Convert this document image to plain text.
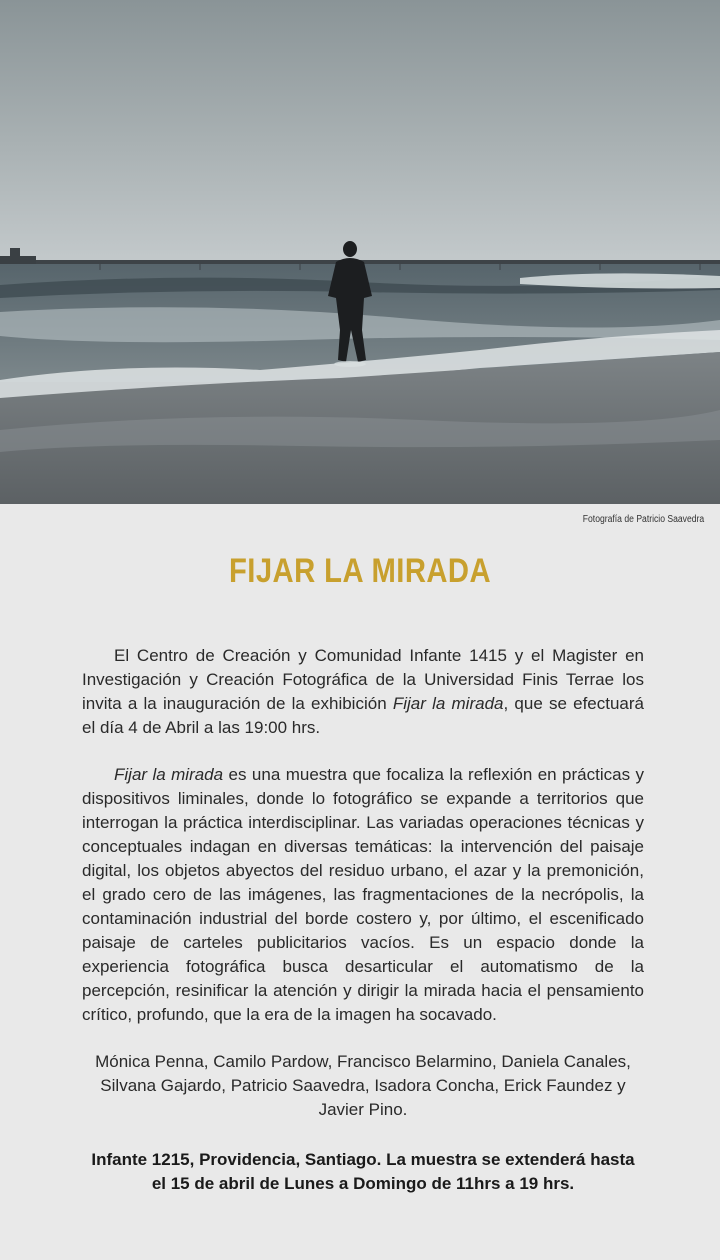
Fotografía de Patricio Saavedra
FIJAR LA MIRADA

El Centro de Creación y Comunidad Infante 1415 y el Magister en Investigación y Creación Fotográfica de la Universidad Finis Terrae los invita a la inauguración de la exhibición Fijar la mirada, que se efectuará el día 4 de Abril a las 19:00 hrs.

Fijar la mirada es una muestra que focaliza la reflexión en prácticas y dispositivos liminales, donde lo fotográfico se expande a territorios que interrogan la práctica interdisciplinar. Las variadas operaciones técnicas y conceptuales indagan en diversas temáticas: la intervención del paisaje digital, los objetos abyectos del residuo urbano, el azar y la premonición, el grado cero de las imágenes, las fragmentaciones de la necrópolis, la contaminación industrial del borde costero y, por último, el escenificado paisaje de carteles publicitarios vacíos. Es un espacio donde la experiencia fotográfica busca desarticular el automatismo de la percepción, resinificar la atención y dirigir la mirada hacia el pensamiento crítico, profundo, que la era de la imagen ha socavado.

Mónica Penna, Camilo Pardow, Francisco Belarmino, Daniela Canales, Silvana Gajardo, Patricio Saavedra, Isadora Concha, Erick Faundez y Javier Pino.
Infante 1215, Providencia, Santiago. La muestra se extenderá hasta el 15 de abril de Lunes a Domingo de 11hrs a 19 hrs.
